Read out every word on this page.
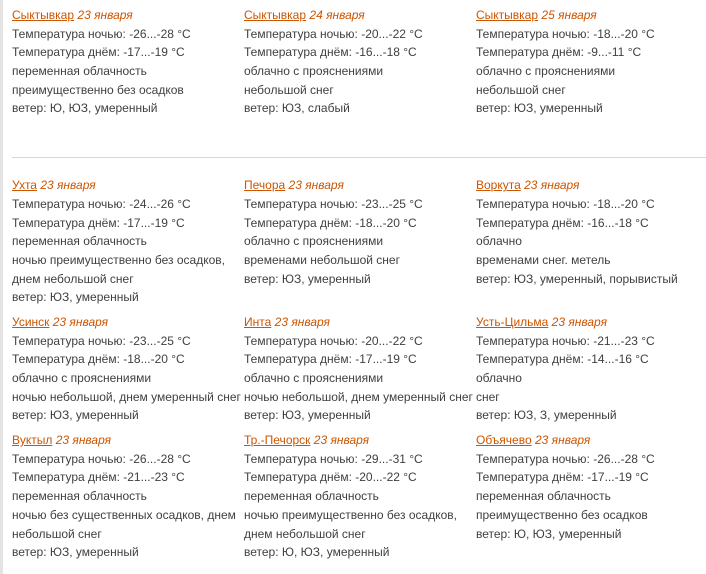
Сыктывкар 23 января
Температура ночью: -26...-28 °C
Температура днём: -17...-19 °C
переменная облачность
преимущественно без осадков
ветер: Ю, ЮЗ, умеренный
Сыктывкар 24 января
Температура ночью: -20...-22 °C
Температура днём: -16...-18 °C
облачно с прояснениями
небольшой снег
ветер: ЮЗ, слабый
Сыктывкар 25 января
Температура ночью: -18...-20 °C
Температура днём: -9...-11 °C
облачно с прояснениями
небольшой снег
ветер: ЮЗ, умеренный
Ухта 23 января
Температура ночью: -24...-26 °C
Температура днём: -17...-19 °C
переменная облачность
ночью преимущественно без осадков,
днем небольшой снег
ветер: ЮЗ, умеренный
Печора 23 января
Температура ночью: -23...-25 °C
Температура днём: -18...-20 °C
облачно с прояснениями
временами небольшой снег
ветер: ЮЗ, умеренный
Воркута 23 января
Температура ночью: -18...-20 °C
Температура днём: -16...-18 °C
облачно
временами снег. метель
ветер: ЮЗ, умеренный, порывистый
Усинск 23 января
Температура ночью: -23...-25 °C
Температура днём: -18...-20 °C
облачно с прояснениями
ночью небольшой, днем умеренный снег
ветер: ЮЗ, умеренный
Инта 23 января
Температура ночью: -20...-22 °C
Температура днём: -17...-19 °C
облачно с прояснениями
ночью небольшой, днем умеренный снег
ветер: ЮЗ, умеренный
Усть-Цильма 23 января
Температура ночью: -21...-23 °C
Температура днём: -14...-16 °C
облачно
снег
ветер: ЮЗ, З, умеренный
Вуктыл 23 января
Температура ночью: -26...-28 °C
Температура днём: -21...-23 °C
переменная облачность
ночью без существенных осадков, днем
небольшой снег
ветер: ЮЗ, умеренный
Тр.-Печорск 23 января
Температура ночью: -29...-31 °C
Температура днём: -20...-22 °C
переменная облачность
ночью преимущественно без осадков,
днем небольшой снег
ветер: Ю, ЮЗ, умеренный
Объячево 23 января
Температура ночью: -26...-28 °C
Температура днём: -17...-19 °C
переменная облачность
преимущественно без осадков
ветер: Ю, ЮЗ, умеренный
